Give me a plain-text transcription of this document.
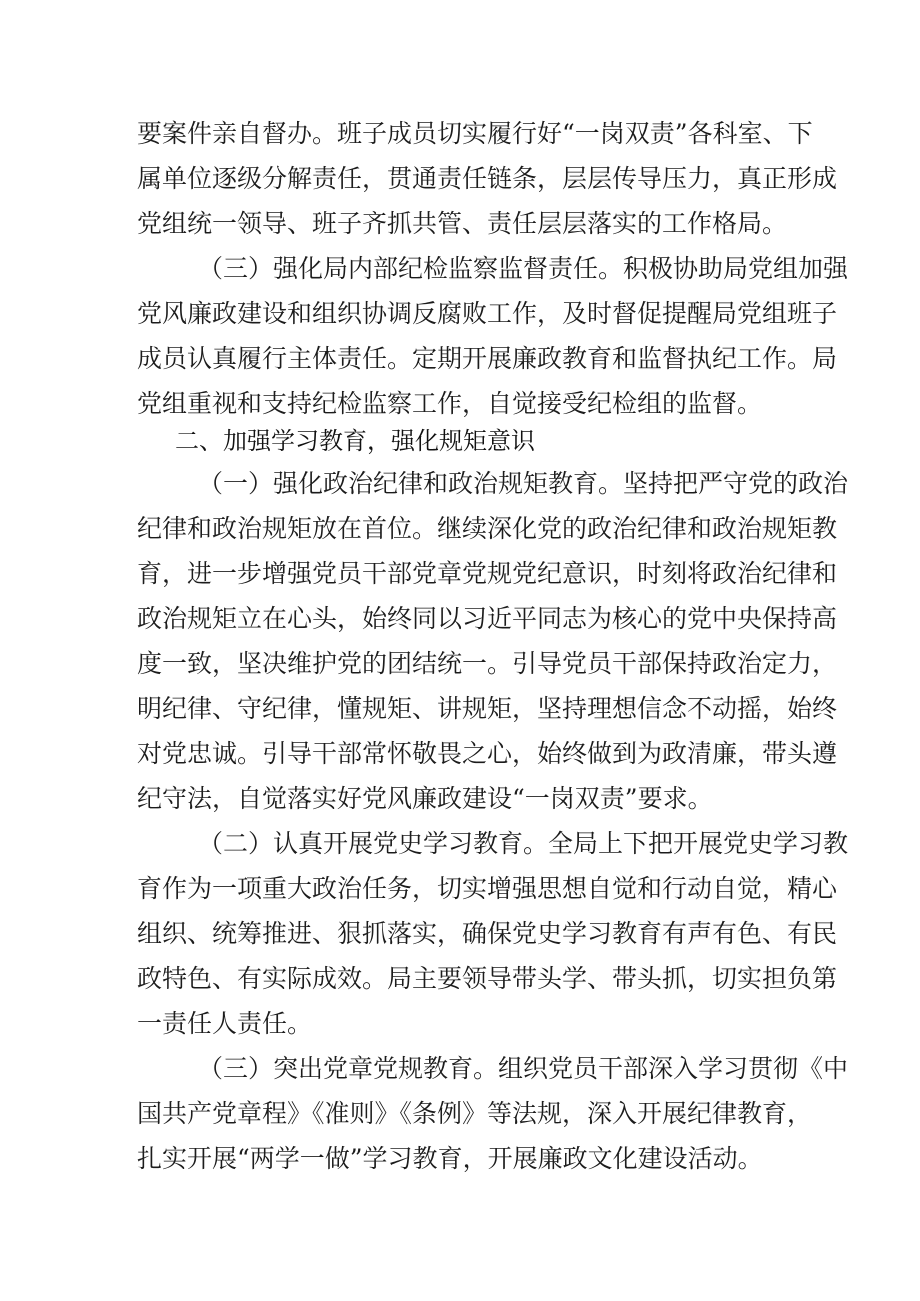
要案件亲自督办。班子成员切实履行好“一岗双责”各科室、下
属单位逐级分解责任，贯通责任链条，层层传导压力，真正形成
党组统一领导、班子齐抓共管、责任层层落实的工作格局。
（三）强化局内部纪检监察监督责任。积极协助局党组加强
党风廉政建设和组织协调反腐败工作，及时督促提醒局党组班子
成员认真履行主体责任。定期开展廉政教育和监督执纪工作。局
党组重视和支持纪检监察工作，自觉接受纪检组的监督。
二、加强学习教育，强化规矩意识
（一）强化政治纪律和政治规矩教育。坚持把严守党的政治
纪律和政治规矩放在首位。继续深化党的政治纪律和政治规矩教
育，进一步增强党员干部党章党规党纪意识，时刻将政治纪律和
政治规矩立在心头，始终同以习近平同志为核心的党中央保持高
度一致，坚决维护党的团结统一。引导党员干部保持政治定力，
明纪律、守纪律，懂规矩、讲规矩，坚持理想信念不动摇，始终
对党忠诚。引导干部常怀敬畏之心，始终做到为政清廉，带头遵
纪守法，自觉落实好党风廉政建设“一岗双责”要求。
（二）认真开展党史学习教育。全局上下把开展党史学习教
育作为一项重大政治任务，切实增强思想自觉和行动自觉，精心
组织、统筹推进、狠抓落实，确保党史学习教育有声有色、有民
政特色、有实际成效。局主要领导带头学、带头抓，切实担负第
一责任人责任。
（三）突出党章党规教育。组织党员干部深入学习贯彻《中
国共产党章程》《准则》《条例》等法规，深入开展纪律教育，
扎实开展“两学一做”学习教育，开展廉政文化建设活动。
